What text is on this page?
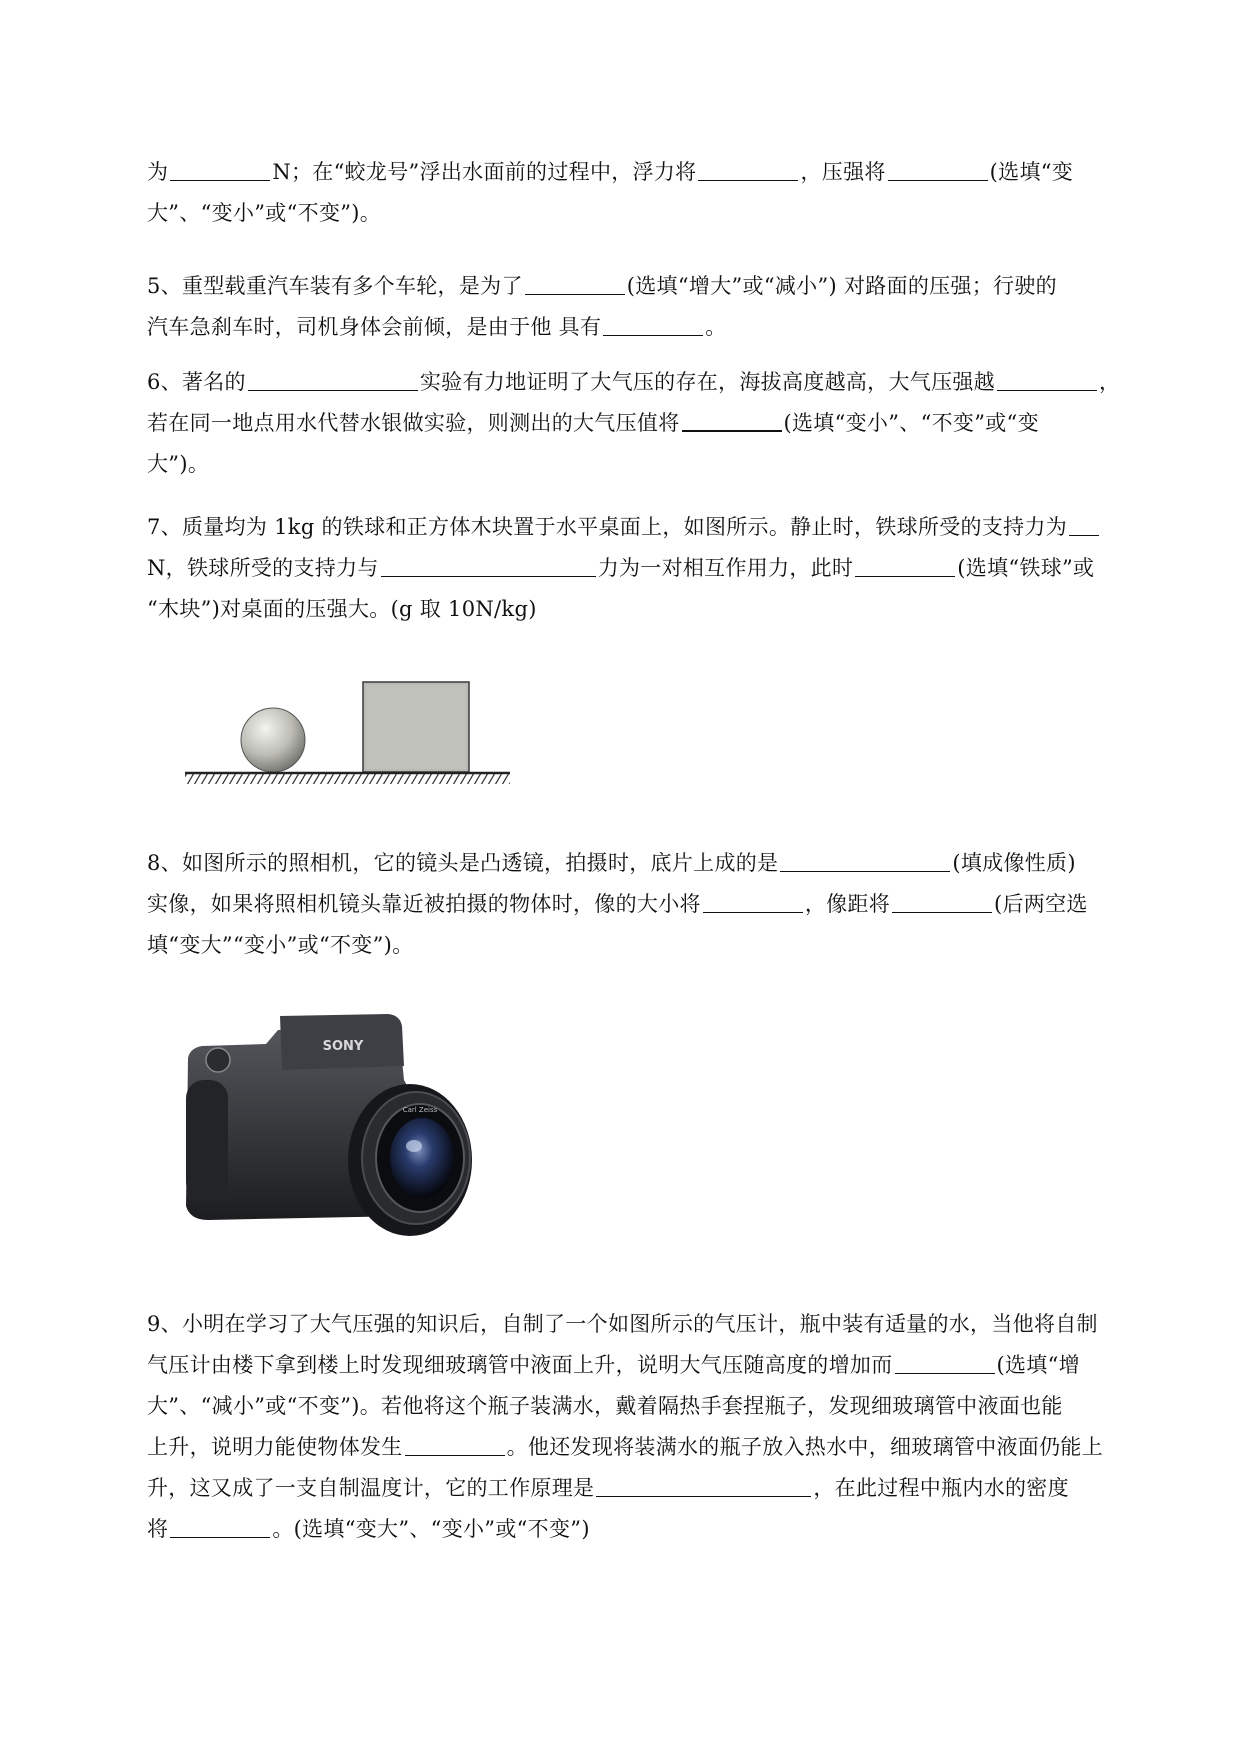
为	N；在“蛟龙号”浮出水面前的过程中，浮力将	，压强将	(选填“变

大”、“变小”或“不变”)。

5、重型载重汽车装有多个车轮，是为了	(选填“增大”或“减小”) 对路面的压强；行驶的

汽车急刹车时，司机身体会前倾，是由于他 具有	。

6、著名的	实验有力地证明了大气压的存在，海拔高度越高，大气压强越	，

若在同一地点用水代替水银做实验，则测出的大气压值将	(选填“变小”、“不变”或“变

大”)。

7、质量均为 1kg 的铁球和正方体木块置于水平桌面上，如图所示。静止时，铁球所受的支持力为

N，铁球所受的支持力与	力为一对相互作用力，此时	(选填“铁球”或

“木块”)对桌面的压强大。(g 取 10N/kg)

8、如图所示的照相机，它的镜头是凸透镜，拍摄时，底片上成的是	(填成像性质)

实像，如果将照相机镜头靠近被拍摄的物体时，像的大小将	，像距将	(后两空选

填“变大”“变小”或“不变”)。

SONY
Carl Zeiss

9、小明在学习了大气压强的知识后，自制了一个如图所示的气压计，瓶中装有适量的水，当他将自制

气压计由楼下拿到楼上时发现细玻璃管中液面上升，说明大气压随高度的增加而	(选填“增

大”、“减小”或“不变”)。若他将这个瓶子装满水，戴着隔热手套捏瓶子，发现细玻璃管中液面也能

上升，说明力能使物体发生	。他还发现将装满水的瓶子放入热水中，细玻璃管中液面仍能上

升，这又成了一支自制温度计，它的工作原理是	，在此过程中瓶内水的密度

将	。(选填“变大”、“变小”或“不变”)
